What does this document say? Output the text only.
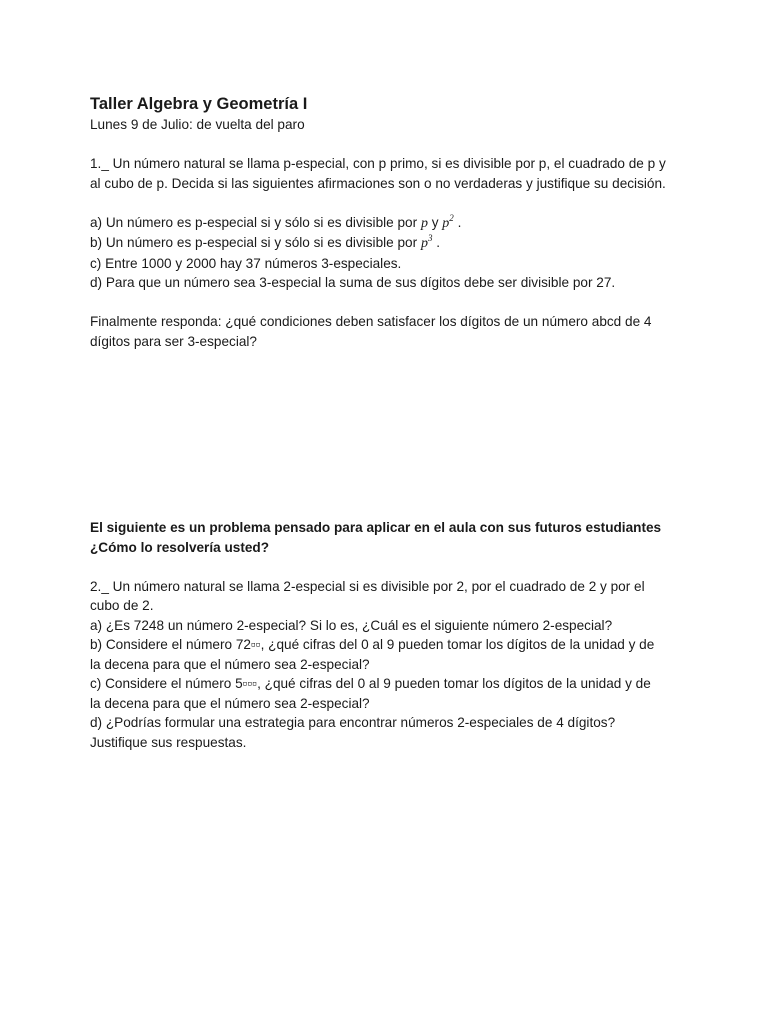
Taller Algebra y Geometría I

Lunes 9 de Julio: de vuelta del paro

1._ Un número natural se llama p-especial, con p primo, si es divisible por p, el cuadrado de p y

al cubo de p. Decida si las siguientes afirmaciones son o no verdaderas y justifique su decisión.

a) Un número es p-especial si y sólo si es divisible por p y $p^2$ .

b) Un número es p-especial si y sólo si es divisible por $p^3$ .

c) Entre 1000 y 2000 hay 37 números 3-especiales.

d) Para que un número sea 3-especial la suma de sus dígitos debe ser divisible por 27.

Finalmente responda: ¿qué condiciones deben satisfacer los dígitos de un número abcd de 4

dígitos para ser 3-especial?

El siguiente es un problema pensado para aplicar en el aula con sus futuros estudiantes

¿Cómo lo resolvería usted?

2._ Un número natural se llama 2-especial si es divisible por 2, por el cuadrado de 2 y por el

cubo de 2.

a) ¿Es 7248 un número 2-especial? Si lo es, ¿Cuál es el siguiente número 2-especial?

b) Considere el número 72▫▫, ¿qué cifras del 0 al 9 pueden tomar los dígitos de la unidad y de

la decena para que el número sea 2-especial?

c) Considere el número 5▫▫▫, ¿qué cifras del 0 al 9 pueden tomar los dígitos de la unidad y de

la decena para que el número sea 2-especial?

d) ¿Podrías formular una estrategia para encontrar números 2-especiales de 4 dígitos?

Justifique sus respuestas.
